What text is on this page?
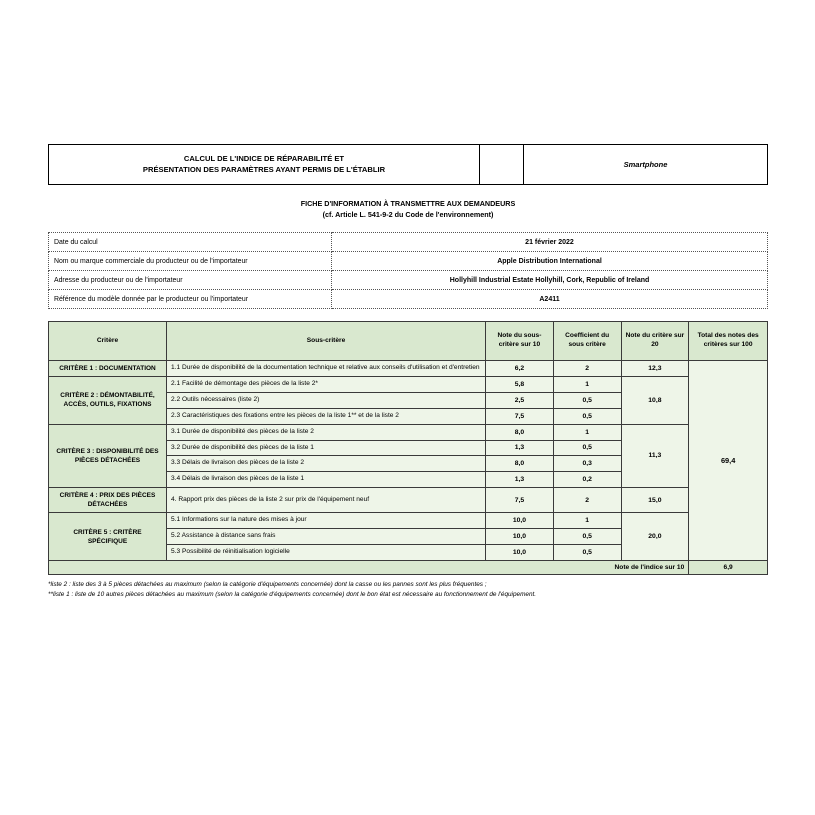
CALCUL DE L'INDICE DE RÉPARABILITÉ ET
PRÉSENTATION DES PARAMÈTRES AYANT PERMIS DE L'ÉTABLIR
Smartphone
FICHE D'INFORMATION À TRANSMETTRE AUX DEMANDEURS
(cf. Article L. 541-9-2 du Code de l'environnement)
Date du calcul	21 février 2022
Nom ou marque commerciale du producteur ou de l'importateur	Apple Distribution International
Adresse du producteur ou de l'importateur	Hollyhill Industrial Estate Hollyhill, Cork, Republic of Ireland
Référence du modèle donnée par le producteur ou l'importateur	A2411
Critère	Sous-critère	Note du sous-critère sur 10	Coefficient du sous critère	Note du critère sur 20	Total des notes des critères sur 100
CRITÈRE 1 : DOCUMENTATION	1.1 Durée de disponibilité de la documentation technique et relative aux conseils d'utilisation et d'entretien	6,2	2	12,3	69,4
CRITÈRE 2 : DÉMONTABILITÉ, ACCÈS, OUTILS, FIXATIONS	2.1 Facilité de démontage des pièces de la liste 2*	5,8	1	10,8	
	2.2 Outils nécessaires (liste 2)	2,5	0,5		
	2.3 Caractéristiques des fixations entre les pièces de la liste 1** et de la liste 2	7,5	0,5		
CRITÈRE 3 : DISPONIBILITÉ DES PIÈCES DÉTACHÉES	3.1 Durée de disponibilité des pièces de la liste 2	8,0	1	11,3	
	3.2 Durée de disponibilité des pièces de la liste 1	1,3	0,5		
	3.3 Délais de livraison des pièces de la liste 2	8,0	0,3		
	3.4 Délais de livraison des pièces de la liste 1	1,3	0,2		
CRITÈRE 4 : PRIX DES PIÈCES DÉTACHÉES	4. Rapport prix des pièces de la liste 2 sur prix de l'équipement neuf	7,5	2	15,0	
CRITÈRE 5 : CRITÈRE SPÉCIFIQUE	5.1 Informations sur la nature des mises à jour	10,0	1	20,0	
	5.2 Assistance à distance sans frais	10,0	0,5		
	5.3 Possibilité de réinitialisation logicielle	10,0	0,5		
Note de l'indice sur 10					6,9
*liste 2 : liste des 3 à 5 pièces détachées au maximum (selon la catégorie d'équipements concernée) dont la casse ou les pannes sont les plus fréquentes ;
**liste 1 : liste de 10 autres pièces détachées au maximum (selon la catégorie d'équipements concernée) dont le bon état est nécessaire au fonctionnement de l'équipement.
